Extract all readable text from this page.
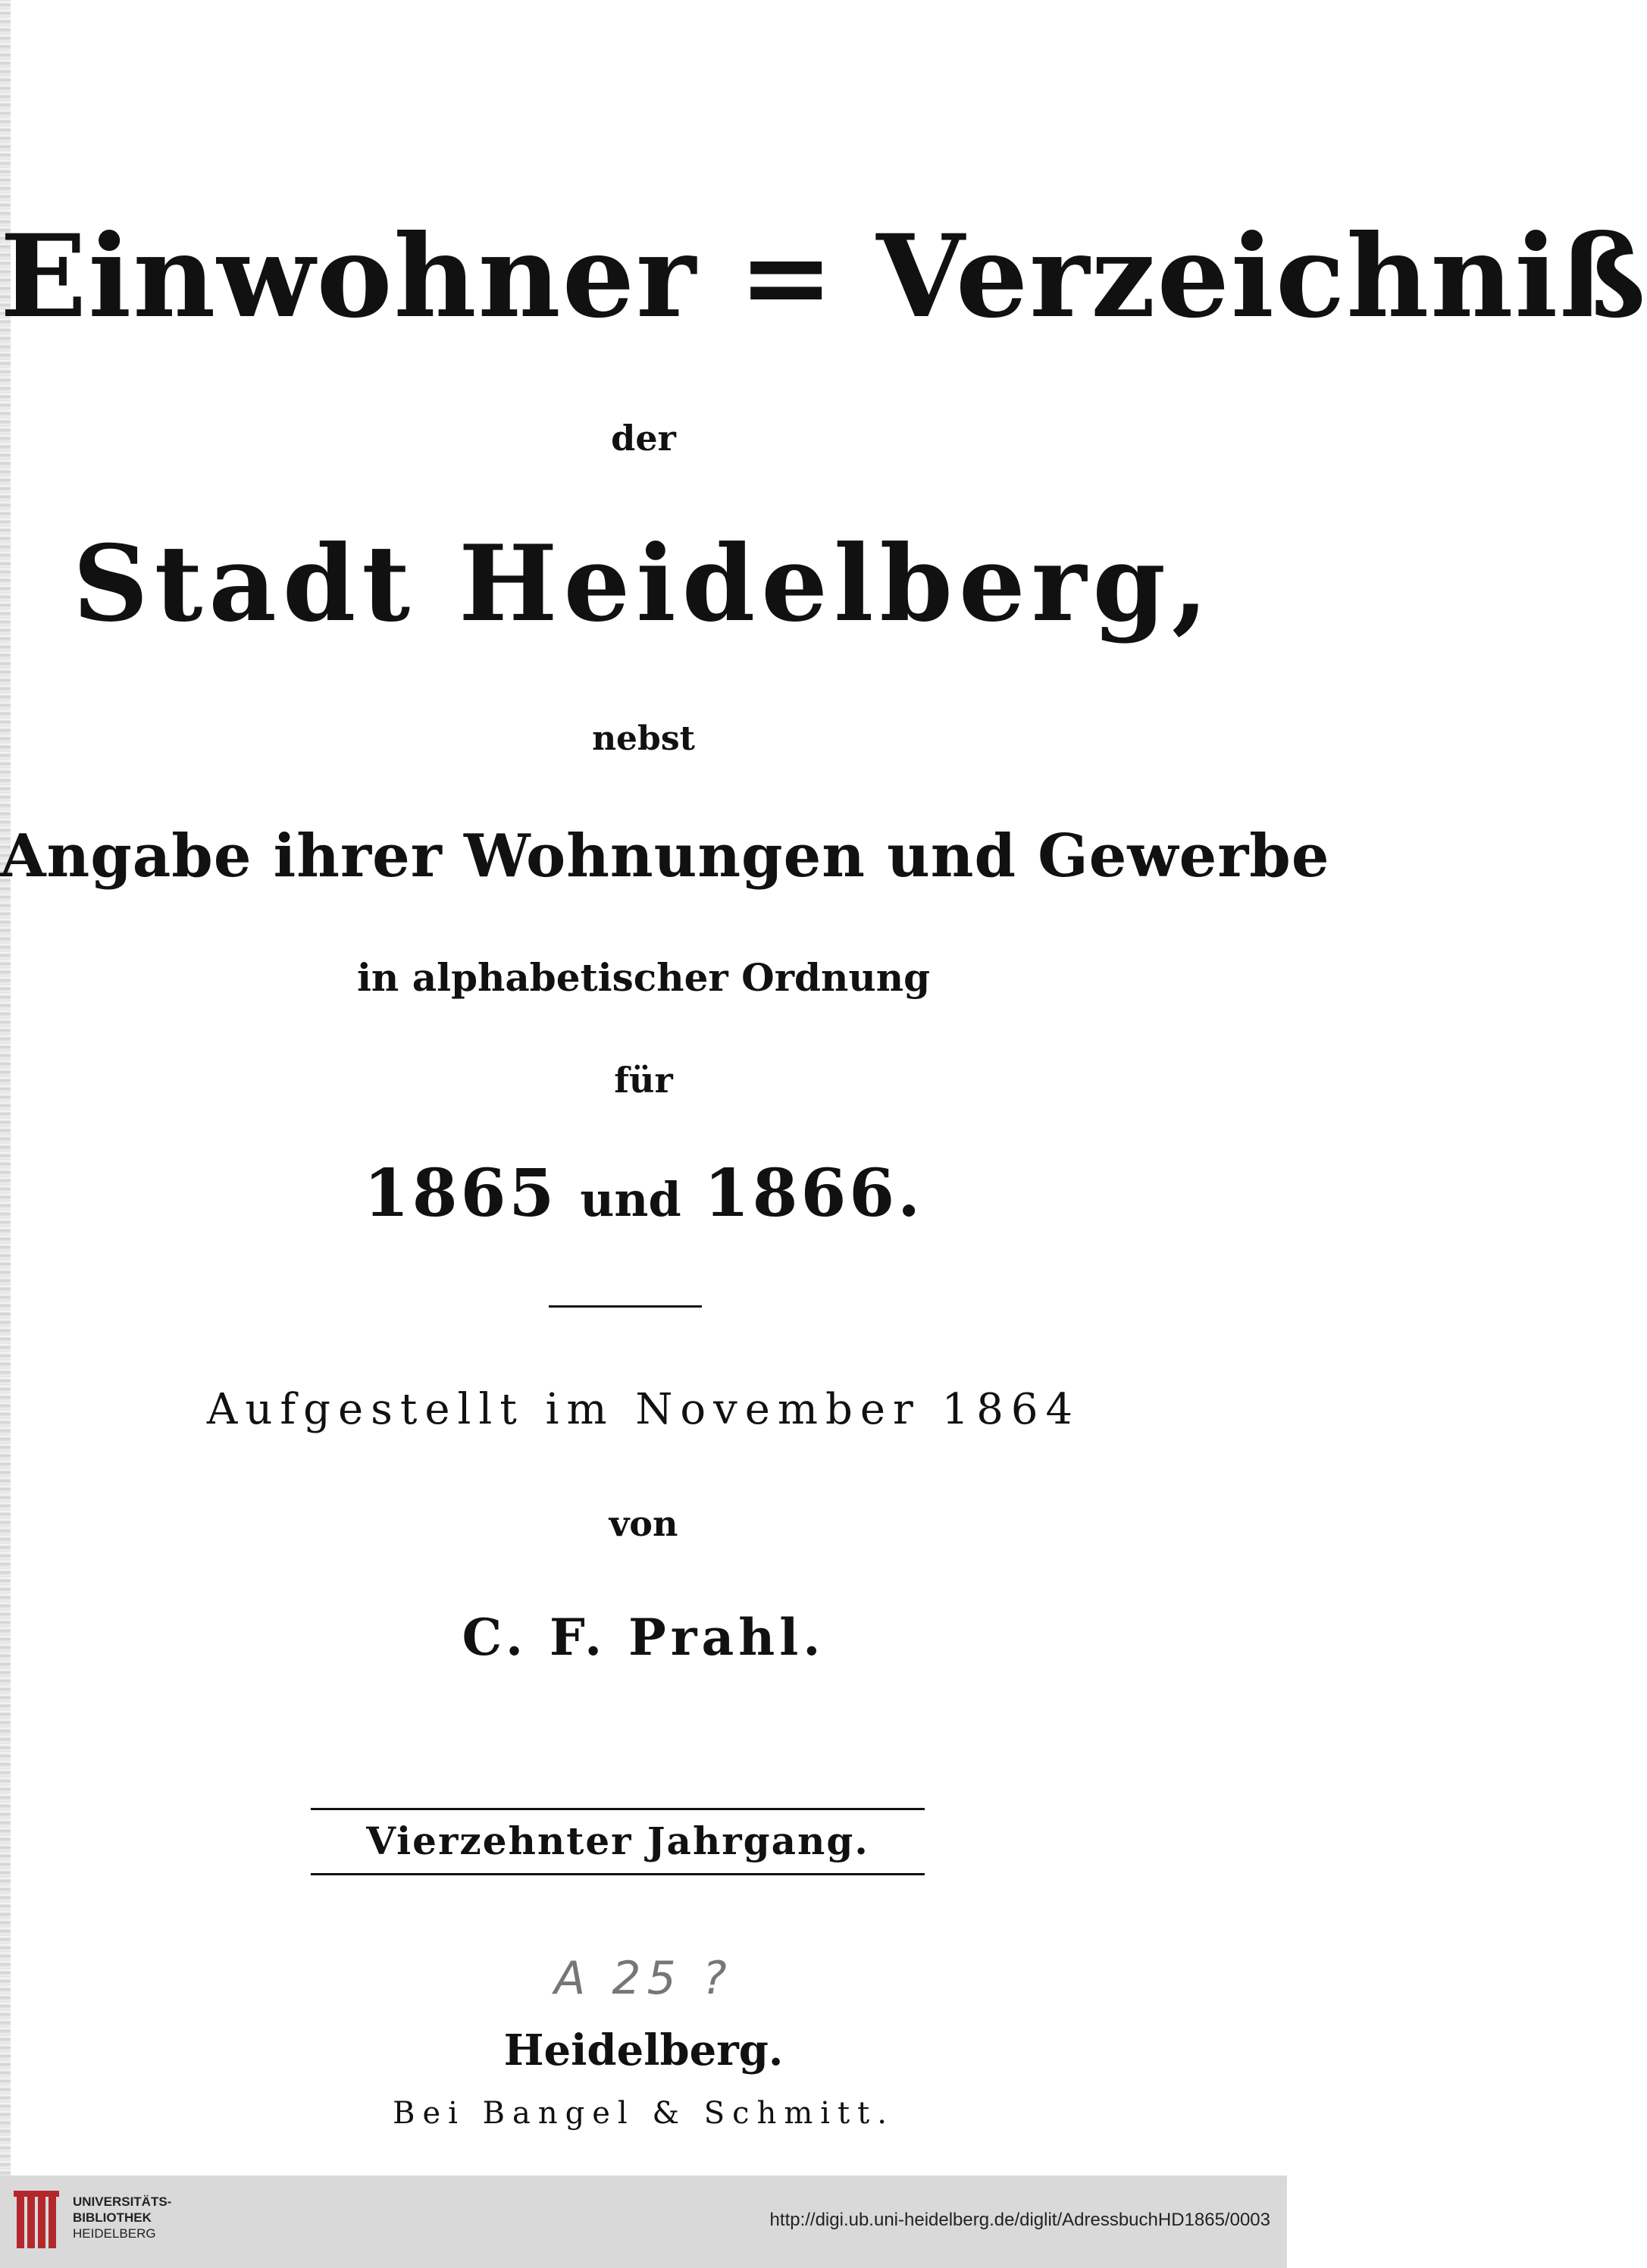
Einwohner = Verzeichniß
der
Stadt Heidelberg,
nebst
Angabe ihrer Wohnungen und Gewerbe
in alphabetischer Ordnung
für
1865 und 1866.
Aufgestellt im November 1864
von
C. F. Prahl.
Vierzehnter Jahrgang.
A 25 ?
Heidelberg.
Bei Bangel & Schmitt.
UNIVERSITÄTS-
BIBLIOTHEK
HEIDELBERG
http://digi.ub.uni-heidelberg.de/diglit/AdressbuchHD1865/0003
